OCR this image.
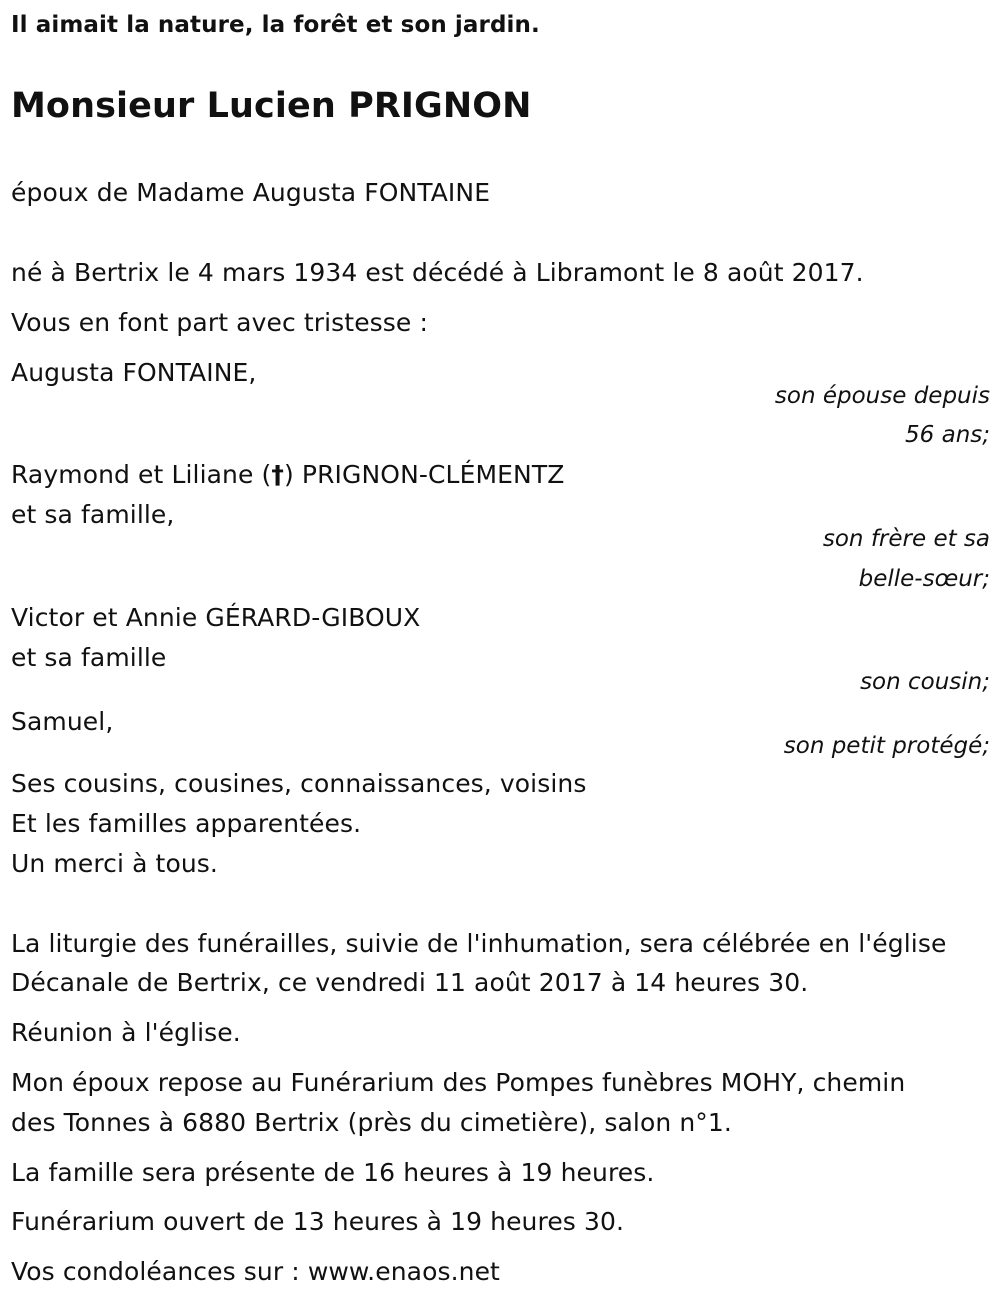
Il aimait la nature, la forêt et son jardin.
Monsieur Lucien PRIGNON
époux de Madame Augusta FONTAINE
né à Bertrix le 4 mars 1934 est décédé à Libramont le 8 août 2017.
Vous en font part avec tristesse :
Augusta FONTAINE,
son épouse depuis
56 ans;
Raymond et Liliane (†) PRIGNON-CLÉMENTZ
et sa famille,
son frère et sa
belle-sœur;
Victor et Annie GÉRARD-GIBOUX
et sa famille
son cousin;
Samuel,
son petit protégé;
Ses cousins, cousines, connaissances, voisins
Et les familles apparentées.
Un merci à tous.
La liturgie des funérailles, suivie de l'inhumation, sera célébrée en l'église
Décanale de Bertrix, ce vendredi 11 août 2017 à 14 heures 30.
Réunion à l'église.
Mon époux repose au Funérarium des Pompes funèbres MOHY, chemin
des Tonnes à 6880 Bertrix (près du cimetière), salon n°1.
La famille sera présente de 16 heures à 19 heures.
Funérarium ouvert de 13 heures à 19 heures 30.
Vos condoléances sur : www.enaos.net
